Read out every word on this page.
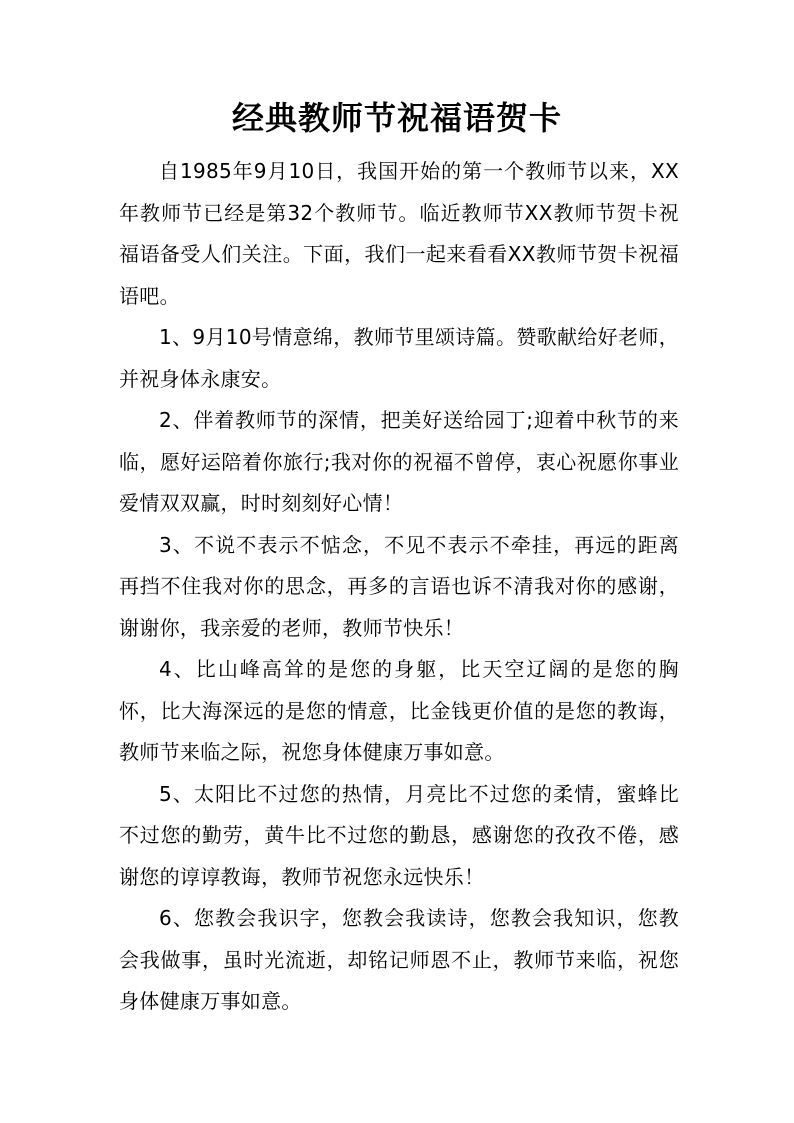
经典教师节祝福语贺卡

自1985年9月10日，我国开始的第一个教师节以来，XX年教师节已经是第32个教师节。临近教师节XX教师节贺卡祝福语备受人们关注。下面，我们一起来看看XX教师节贺卡祝福语吧。

1、9月10号情意绵，教师节里颂诗篇。赞歌献给好老师，并祝身体永康安。

2、伴着教师节的深情，把美好送给园丁;迎着中秋节的来临，愿好运陪着你旅行;我对你的祝福不曾停，衷心祝愿你事业爱情双双赢，时时刻刻好心情！

3、不说不表示不惦念，不见不表示不牵挂，再远的距离再挡不住我对你的思念，再多的言语也诉不清我对你的感谢，谢谢你，我亲爱的老师，教师节快乐！

4、比山峰高耸的是您的身躯，比天空辽阔的是您的胸怀，比大海深远的是您的情意，比金钱更价值的是您的教诲，教师节来临之际，祝您身体健康万事如意。

5、太阳比不过您的热情，月亮比不过您的柔情，蜜蜂比不过您的勤劳，黄牛比不过您的勤恳，感谢您的孜孜不倦，感谢您的谆谆教诲，教师节祝您永远快乐！

6、您教会我识字，您教会我读诗，您教会我知识，您教会我做事，虽时光流逝，却铭记师恩不止，教师节来临，祝您身体健康万事如意。
